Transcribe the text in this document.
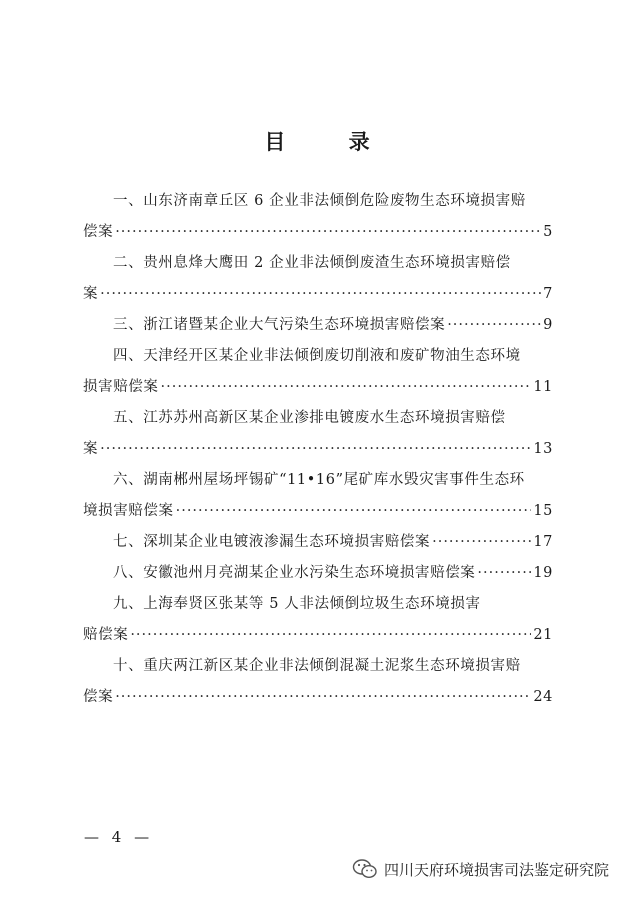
目 录
一、山东济南章丘区 6 企业非法倾倒危险废物生态环境损害赔
偿案 ·····	5
二、贵州息烽大鹰田 2 企业非法倾倒废渣生态环境损害赔偿
案 ·····	7
三、浙江诸暨某企业大气污染生态环境损害赔偿案 ·····	9
四、天津经开区某企业非法倾倒废切削液和废矿物油生态环境
损害赔偿案 ·····	11
五、江苏苏州高新区某企业渗排电镀废水生态环境损害赔偿
案 ·····	13
六、湖南郴州屋场坪锡矿“11•16”尾矿库水毁灾害事件生态环
境损害赔偿案 ·····	15
七、深圳某企业电镀液渗漏生态环境损害赔偿案 ·····	17
八、安徽池州月亮湖某企业水污染生态环境损害赔偿案 ·····	19
九、上海奉贤区张某等 5 人非法倾倒垃圾生态环境损害
赔偿案 ·····	21
十、重庆两江新区某企业非法倾倒混凝土泥浆生态环境损害赔
偿案 ·····	24
— 4 —
四川天府环境损害司法鉴定研究院
